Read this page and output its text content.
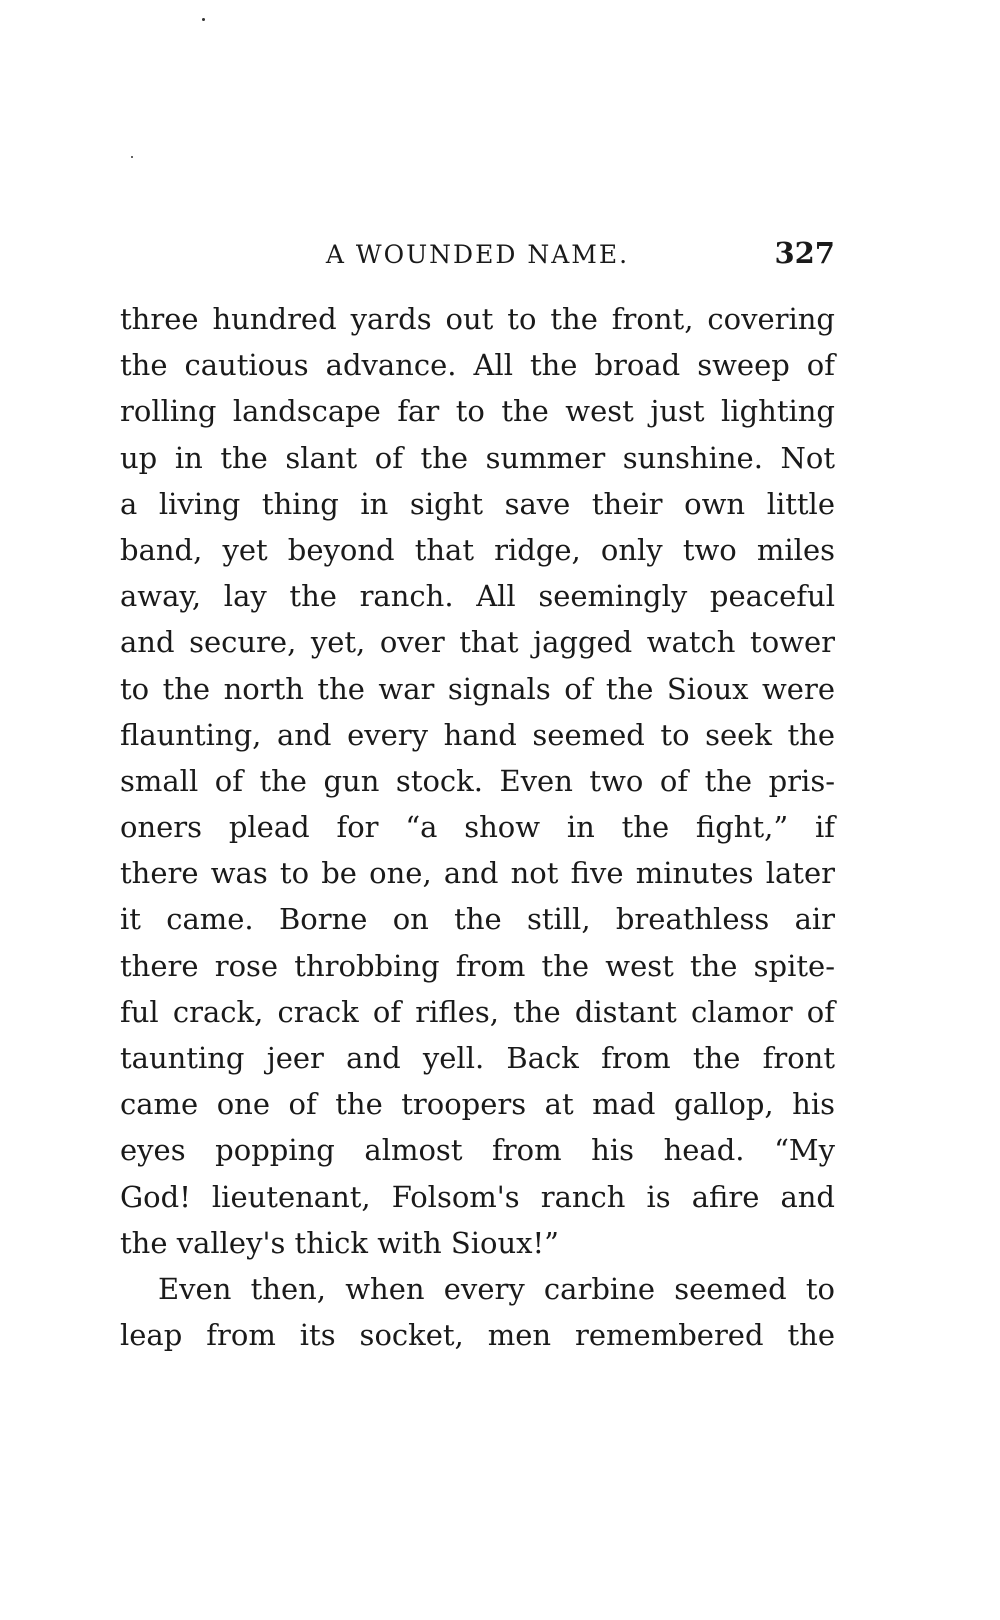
A WOUNDED NAME.	327
three hundred yards out to the front, covering
the cautious advance. All the broad sweep of
rolling landscape far to the west just lighting
up in the slant of the summer sunshine. Not
a living thing in sight save their own little
band, yet beyond that ridge, only two miles
away, lay the ranch. All seemingly peaceful
and secure, yet, over that jagged watch tower
to the north the war signals of the Sioux were
flaunting, and every hand seemed to seek the
small of the gun stock. Even two of the pris-
oners plead for “a show in the fight,” if
there was to be one, and not five minutes later
it came. Borne on the still, breathless air
there rose throbbing from the west the spite-
ful crack, crack of rifles, the distant clamor of
taunting jeer and yell. Back from the front
came one of the troopers at mad gallop, his
eyes popping almost from his head. “My
God! lieutenant, Folsom's ranch is afire and
the valley's thick with Sioux!”
Even then, when every carbine seemed to
leap from its socket, men remembered the
